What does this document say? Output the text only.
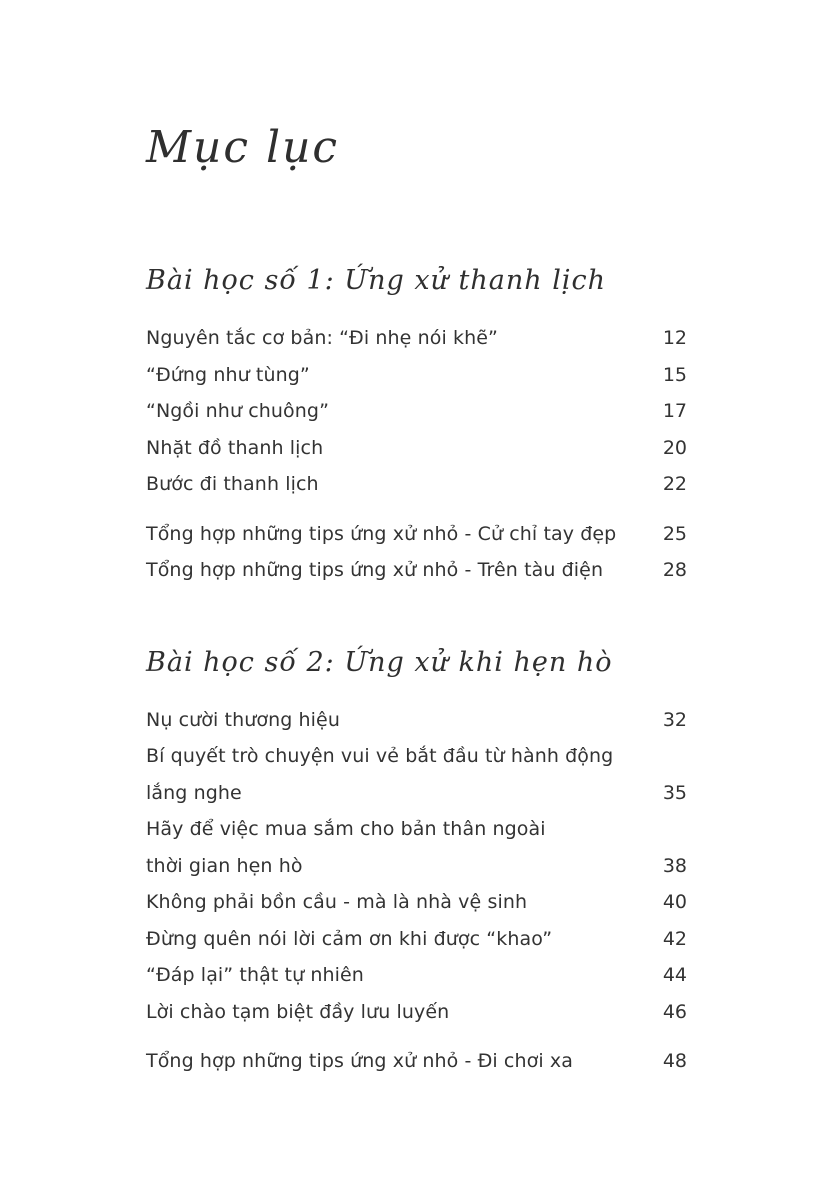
Mục lục
Bài học số 1: Ứng xử thanh lịch
Nguyên tắc cơ bản: “Đi nhẹ nói khẽ”	12
“Đứng như tùng”	15
“Ngồi như chuông”	17
Nhặt đồ thanh lịch	20
Bước đi thanh lịch	22
Tổng hợp những tips ứng xử nhỏ - Cử chỉ tay đẹp	25
Tổng hợp những tips ứng xử nhỏ - Trên tàu điện	28
Bài học số 2: Ứng xử khi hẹn hò
Nụ cười thương hiệu	32
Bí quyết trò chuyện vui vẻ bắt đầu từ hành động
lắng nghe	35
Hãy để việc mua sắm cho bản thân ngoài
thời gian hẹn hò	38
Không phải bồn cầu - mà là nhà vệ sinh	40
Đừng quên nói lời cảm ơn khi được “khao”	42
“Đáp lại” thật tự nhiên	44
Lời chào tạm biệt đầy lưu luyến	46
Tổng hợp những tips ứng xử nhỏ - Đi chơi xa	48
